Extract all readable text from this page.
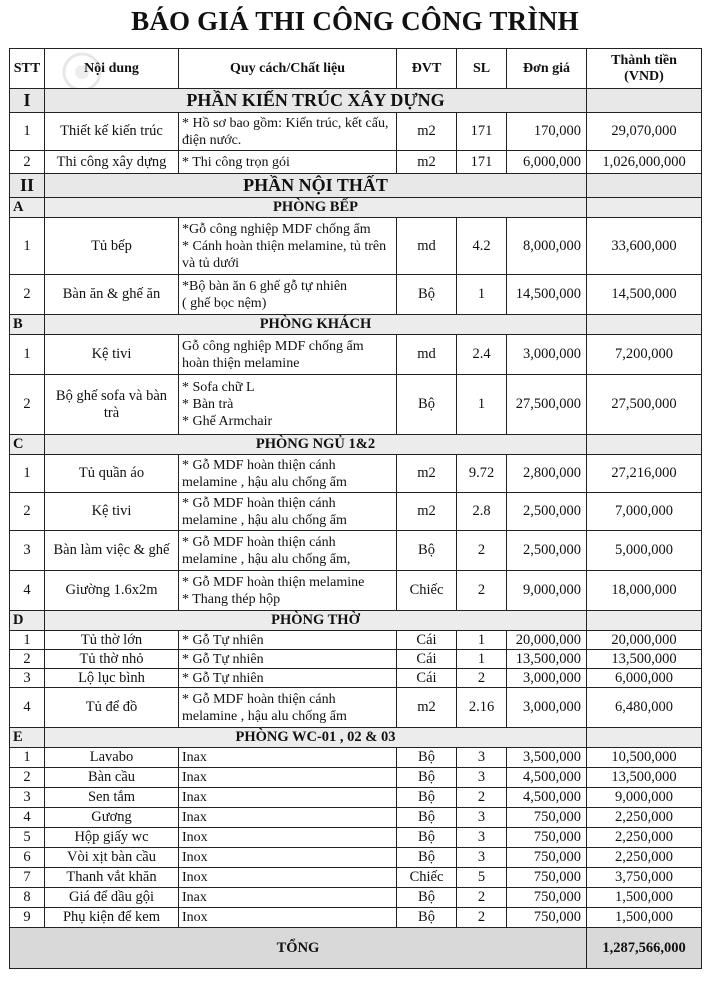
BÁO GIÁ THI CÔNG CÔNG TRÌNH
STT	Nội dung	Quy cách/Chất liệu	ĐVT	SL	Đơn giá	Thành tiền
(VND)
I	PHẦN KIẾN TRÚC XÂY DỰNG					
1	Thiết kế kiến trúc	* Hồ sơ bao gồm: Kiến trúc, kết cấu, điện nước.	m2	171	170,000	29,070,000
2	Thi công xây dựng	* Thi công trọn gói	m2	171	6,000,000	1,026,000,000
II	PHẦN NỘI THẤT					
A	PHÒNG BẾP					
1	Tủ bếp	*Gỗ công nghiệp MDF chống ẩm
* Cánh hoàn thiện melamine, tủ trên và tủ dưới	md	4.2	8,000,000	33,600,000
2	Bàn ăn & ghế ăn	*Bộ bàn ăn 6 ghế gỗ tự nhiên
( ghế bọc nệm)	Bộ	1	14,500,000	14,500,000
B	PHÒNG KHÁCH					
1	Kệ tivi	Gỗ công nghiệp MDF chống ẩm hoàn thiện melamine	md	2.4	3,000,000	7,200,000
2	Bộ ghế sofa và bàn trà	* Sofa chữ L
* Bàn trà
* Ghế Armchair	Bộ	1	27,500,000	27,500,000
C	PHÒNG NGỦ 1&2					
1	Tủ quần áo	* Gỗ MDF hoàn thiện cánh melamine , hậu alu chống ẩm	m2	9.72	2,800,000	27,216,000
2	Kệ tivi	* Gỗ MDF hoàn thiện cánh melamine , hậu alu chống ẩm	m2	2.8	2,500,000	7,000,000
3	Bàn làm việc & ghế	* Gỗ MDF hoàn thiện cánh melamine , hậu alu chống ẩm,	Bộ	2	2,500,000	5,000,000
4	Giường 1.6x2m	* Gỗ MDF hoàn thiện melamine
* Thang thép hộp	Chiếc	2	9,000,000	18,000,000
D	PHÒNG THỜ					
1	Tủ thờ lớn	* Gỗ Tự nhiên	Cái	1	20,000,000	20,000,000
2	Tủ thờ nhỏ	* Gỗ Tự nhiên	Cái	1	13,500,000	13,500,000
3	Lộ lục bình	* Gỗ Tự nhiên	Cái	2	3,000,000	6,000,000
4	Tủ để đồ	* Gỗ MDF hoàn thiện cánh melamine , hậu alu chống ẩm	m2	2.16	3,000,000	6,480,000
E	PHÒNG WC-01 , 02 & 03					
1	Lavabo	Inax	Bộ	3	3,500,000	10,500,000
2	Bàn cầu	Inax	Bộ	3	4,500,000	13,500,000
3	Sen tắm	Inax	Bộ	2	4,500,000	9,000,000
4	Gương	Inax	Bộ	3	750,000	2,250,000
5	Hộp giấy wc	Inox	Bộ	3	750,000	2,250,000
6	Vòi xịt bàn cầu	Inox	Bộ	3	750,000	2,250,000
7	Thanh vắt khăn	Inox	Chiếc	5	750,000	3,750,000
8	Giá để dầu gội	Inax	Bộ	2	750,000	1,500,000
9	Phụ kiện để kem	Inox	Bộ	2	750,000	1,500,000
TỔNG						1,287,566,000
